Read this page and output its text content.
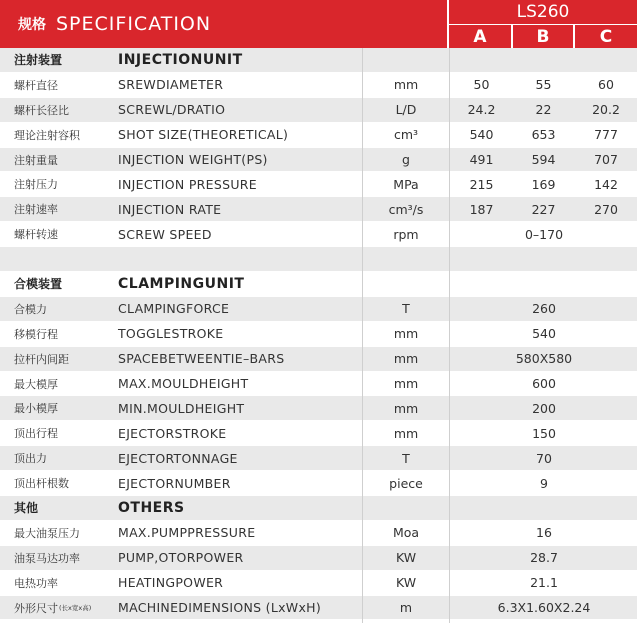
规格 SPECIFICATION
LS260
A	B	C
注射装置	INJECTIONUNIT
螺杆直径	SREWDIAMETER	mm	50	55	60
螺杆长径比	SCREWL/DRATIO	L/D	24.2	22	20.2
理论注射容积	SHOT SIZE(THEORETICAL)	cm³	540	653	777
注射重量	INJECTION WEIGHT(PS)	g	491	594	707
注射压力	INJECTION PRESSURE	MPa	215	169	142
注射速率	INJECTION RATE	cm³/s	187	227	270
螺杆转速	SCREW SPEED	rpm	0–170
合模装置	CLAMPINGUNIT
合模力	CLAMPINGFORCE	T	260
移模行程	TOGGLESTROKE	mm	540
拉杆内间距	SPACEBETWEENTIE–BARS	mm	580X580
最大模厚	MAX.MOULDHEIGHT	mm	600
最小模厚	MIN.MOULDHEIGHT	mm	200
顶出行程	EJECTORSTROKE	mm	150
顶出力	EJECTORTONNAGE	T	70
顶出杆根数	EJECTORNUMBER	piece	9
其他	OTHERS
最大油泵压力	MAX.PUMPPRESSURE	Moa	16
油泵马达功率	PUMP,OTORPOWER	KW	28.7
电热功率	HEATINGPOWER	KW	21.1
外形尺寸 (长x宽x高) MACHINEDIMENSIONS (LxWxH)	m	6.3X1.60X2.24
